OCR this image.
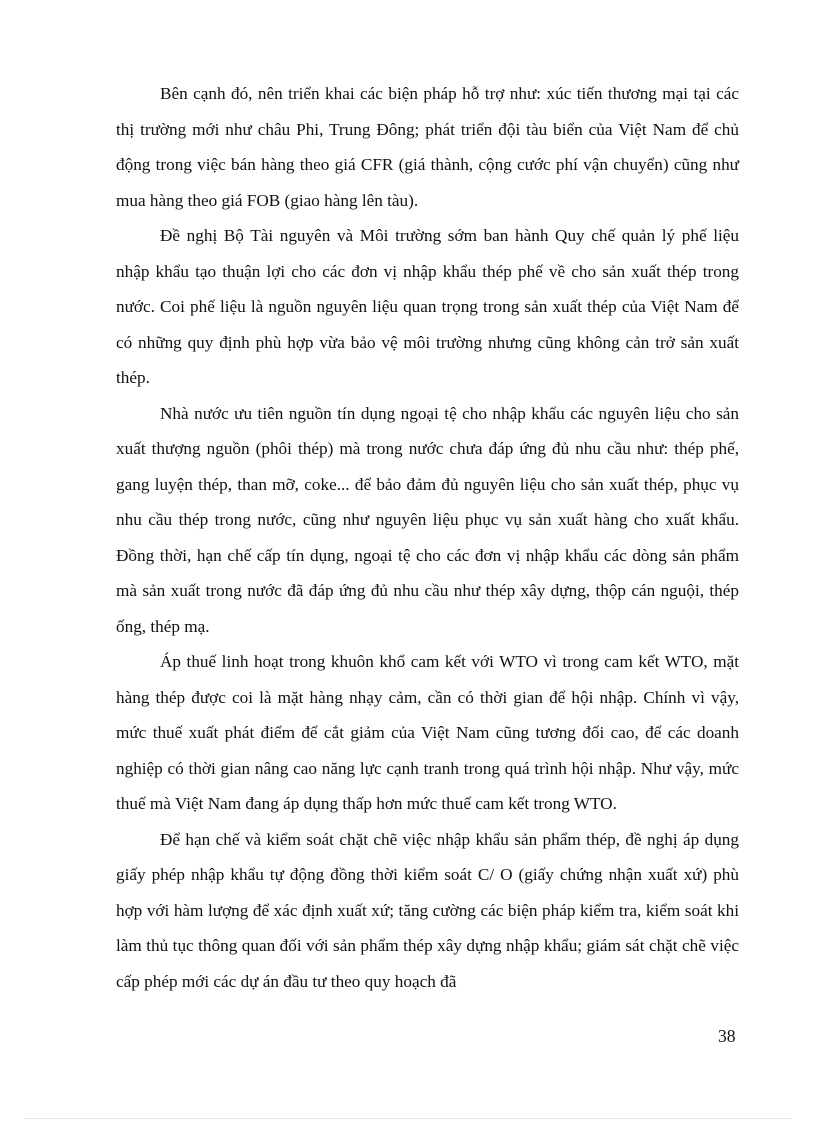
Bên cạnh đó, nên triển khai các biện pháp hỗ trợ như: xúc tiến thương mại tại các thị trường mới như châu Phi, Trung Đông; phát triển đội tàu biển của Việt Nam để chủ động trong việc bán hàng theo giá CFR (giá thành, cộng cước phí vận chuyển) cũng như mua hàng theo giá FOB (giao hàng lên tàu).

Đề nghị Bộ Tài nguyên và Môi trường sớm ban hành Quy chế quản lý phế liệu nhập khẩu tạo thuận lợi cho các đơn vị nhập khẩu thép phế về cho sản xuất thép trong nước. Coi phế liệu là nguồn nguyên liệu quan trọng trong sản xuất thép của Việt Nam để có những quy định phù hợp vừa bảo vệ môi trường nhưng cũng không cản trở sản xuất thép.

Nhà nước ưu tiên nguồn tín dụng ngoại tệ cho nhập khẩu các nguyên liệu cho sản xuất thượng nguồn (phôi thép) mà trong nước chưa đáp ứng đủ nhu cầu như: thép phế, gang luyện thép, than mỡ, coke... để bảo đảm đủ nguyên liệu cho sản xuất thép, phục vụ nhu cầu thép trong nước, cũng như nguyên liệu phục vụ sản xuất hàng cho xuất khẩu. Đồng thời, hạn chế cấp tín dụng, ngoại tệ cho các đơn vị nhập khẩu các dòng sản phẩm mà sản xuất trong nước đã đáp ứng đủ nhu cầu như thép xây dựng, thộp cán nguội, thép ống, thép mạ.

Áp thuế linh hoạt trong khuôn khổ cam kết với WTO vì trong cam kết WTO, mặt hàng thép được coi là mặt hàng nhạy cảm, cần có thời gian để hội nhập. Chính vì vậy, mức thuế xuất phát điểm để cắt giảm của Việt Nam cũng tương đối cao, để các doanh nghiệp có thời gian nâng cao năng lực cạnh tranh trong quá trình hội nhập. Như vậy, mức thuế mà Việt Nam đang áp dụng thấp hơn mức thuế cam kết trong WTO.

Để hạn chế và kiểm soát chặt chẽ việc nhập khẩu sản phẩm thép, đề nghị áp dụng giấy phép nhập khẩu tự động đồng thời kiểm soát C/ O (giấy chứng nhận xuất xứ) phù hợp với hàm lượng để xác định xuất xứ; tăng cường các biện pháp kiểm tra, kiểm soát khi làm thủ tục thông quan đối với sản phẩm thép xây dựng nhập khẩu; giám sát chặt chẽ việc cấp phép mới các dự án đầu tư theo quy hoạch đã

38
